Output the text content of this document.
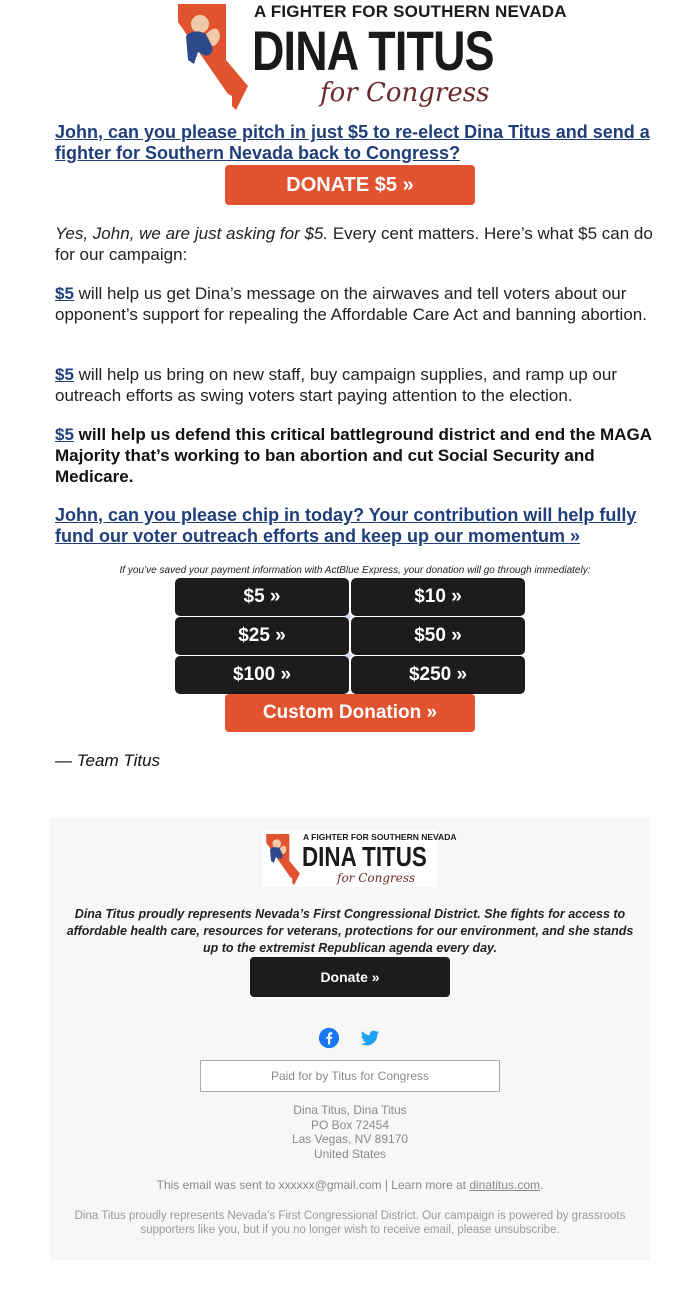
A FIGHTER FOR SOUTHERN NEVADA
DINA TITUS
for Congress
John, can you please pitch in just $5 to re-elect Dina Titus and send a fighter for Southern Nevada back to Congress?
DONATE $5 »
Yes, John, we are just asking for $5. Every cent matters. Here’s what $5 can do for our campaign:
$5 will help us get Dina’s message on the airwaves and tell voters about our opponent’s support for repealing the Affordable Care Act and banning abortion.
$5 will help us bring on new staff, buy campaign supplies, and ramp up our outreach efforts as swing voters start paying attention to the election.
$5 will help us defend this critical battleground district and end the MAGA Majority that’s working to ban abortion and cut Social Security and Medicare.
John, can you please chip in today? Your contribution will help fully fund our voter outreach efforts and keep up our momentum »
If you’ve saved your payment information with ActBlue Express, your donation will go through immediately:
$5 »	$10 »
$25 »	$50 »
$100 »	$250 »
✦
✦
Custom Donation »
— Team Titus
A FIGHTER FOR SOUTHERN NEVADA
DINA TITUS
for Congress
Dina Titus proudly represents Nevada’s First Congressional District. She fights for access to affordable health care, resources for veterans, protections for our environment, and she stands up to the extremist Republican agenda every day.
Donate »
Paid for by Titus for Congress
Dina Titus, Dina Titus
PO Box 72454
Las Vegas, NV 89170
United States
This email was sent to xxxxxx@gmail.com | Learn more at dinatitus.com.
Dina Titus proudly represents Nevada’s First Congressional District. Our campaign is powered by grassroots supporters like you, but if you no longer wish to receive email, please unsubscribe.
